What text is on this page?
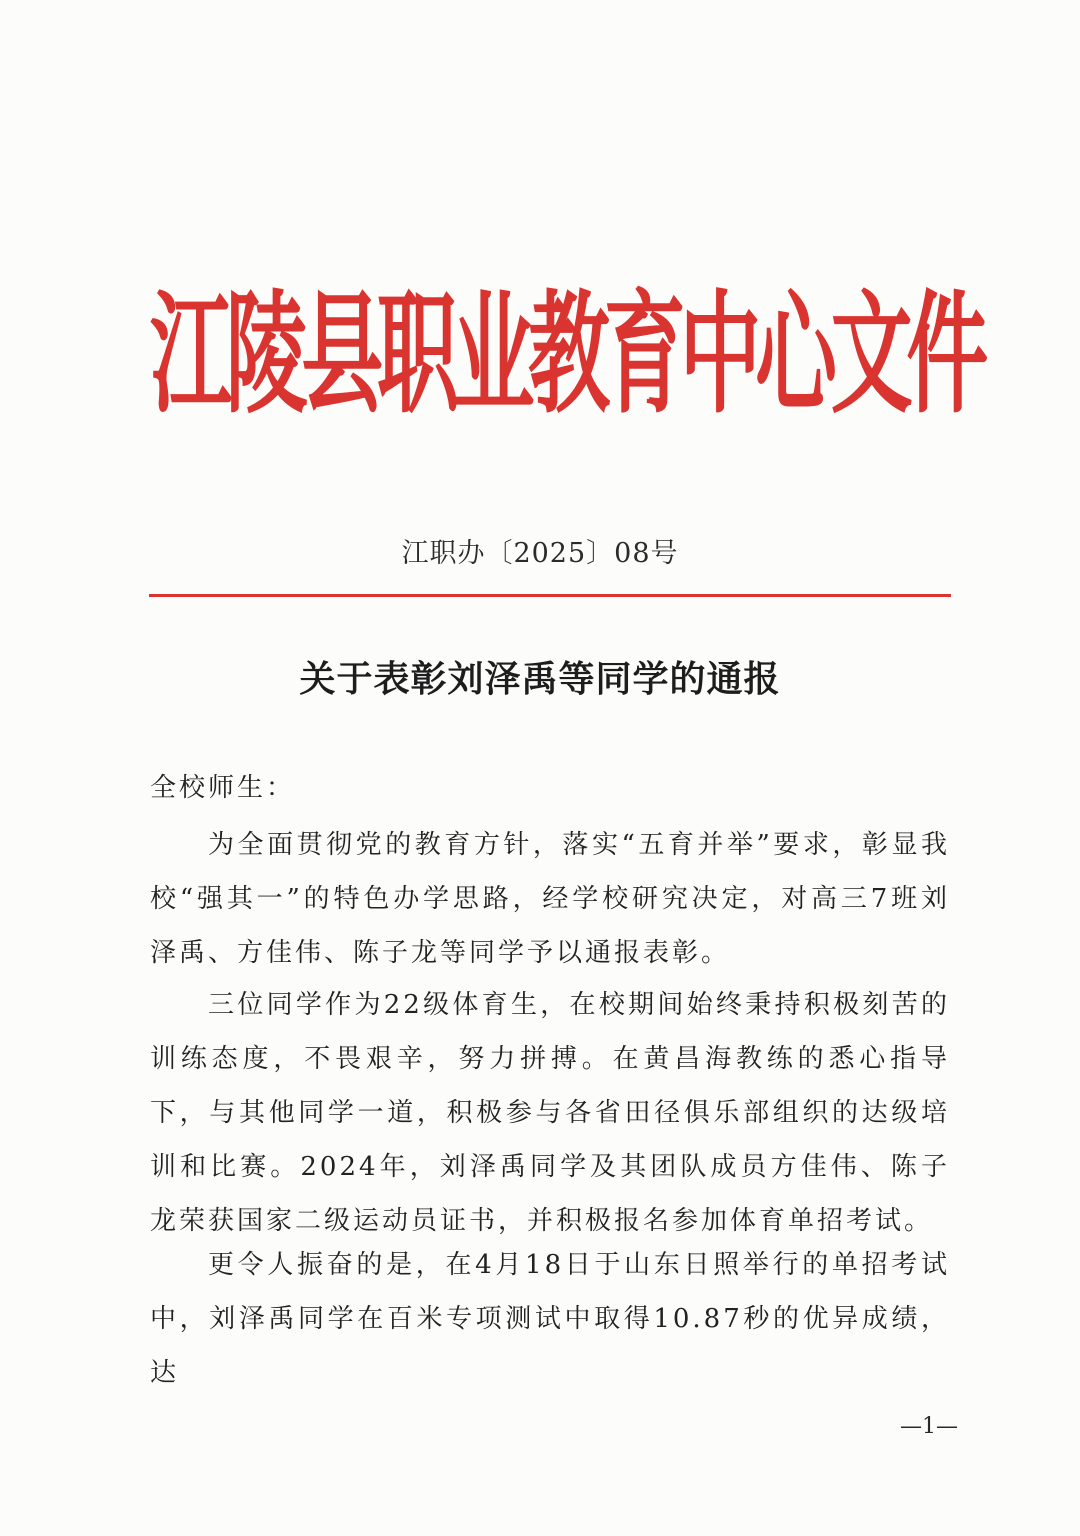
江陵县职业教育中心文件
江职办〔2025〕08号
关于表彰刘泽禹等同学的通报
全校师生：

为全面贯彻党的教育方针，落实“五育并举”要求，彰显我校“强其一”的特色办学思路，经学校研究决定，对高三7班刘泽禹、方佳伟、陈子龙等同学予以通报表彰。

三位同学作为22级体育生，在校期间始终秉持积极刻苦的训练态度，不畏艰辛，努力拼搏。在黄昌海教练的悉心指导下，与其他同学一道，积极参与各省田径俱乐部组织的达级培训和比赛。2024年，刘泽禹同学及其团队成员方佳伟、陈子龙荣获国家二级运动员证书，并积极报名参加体育单招考试。

更令人振奋的是，在4月18日于山东日照举行的单招考试中，刘泽禹同学在百米专项测试中取得10.87秒的优异成绩，达

—1—
